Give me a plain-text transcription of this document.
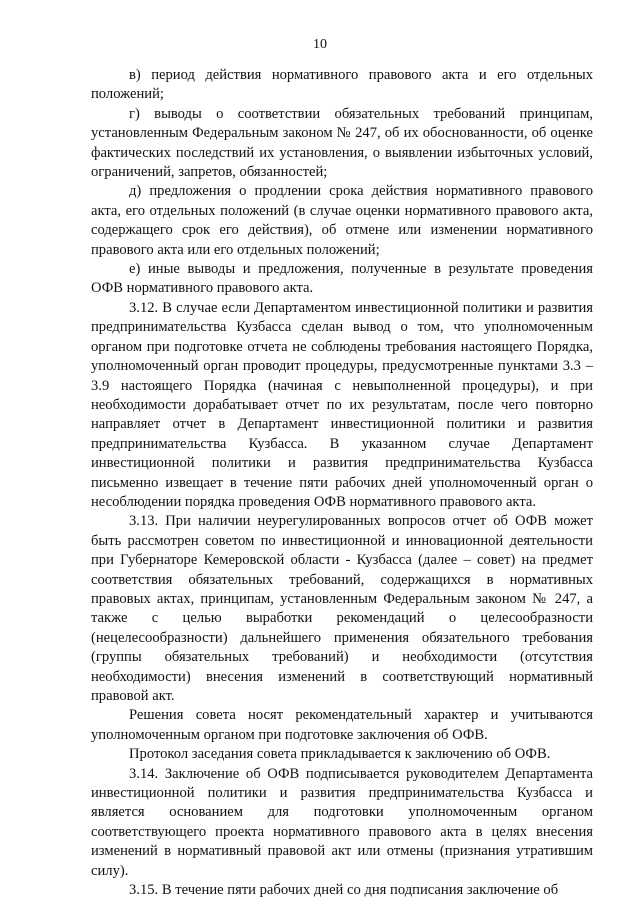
10

в) период действия нормативного правового акта и его отдельных положений;

г) выводы о соответствии обязательных требований принципам, установленным Федеральным законом № 247, об их обоснованности, об оценке фактических последствий их установления, о выявлении избыточных условий, ограничений, запретов, обязанностей;

д) предложения о продлении срока действия нормативного правового акта, его отдельных положений (в случае оценки нормативного правового акта, содержащего срок его действия), об отмене или изменении нормативного правового акта или его отдельных положений;

е) иные выводы и предложения, полученные в результате проведения ОФВ нормативного правового акта.

3.12. В случае если Департаментом инвестиционной политики и развития предпринимательства Кузбасса сделан вывод о том, что уполномоченным органом при подготовке отчета не соблюдены требования настоящего Порядка, уполномоченный орган проводит процедуры, предусмотренные пунктами 3.3 – 3.9 настоящего Порядка (начиная с невыполненной процедуры), и при необходимости дорабатывает отчет по их результатам, после чего повторно направляет отчет в Департамент инвестиционной политики и развития предпринимательства Кузбасса. В указанном случае Департамент инвестиционной политики и развития предпринимательства Кузбасса письменно извещает в течение пяти рабочих дней уполномоченный орган о несоблюдении порядка проведения ОФВ нормативного правового акта.

3.13. При наличии неурегулированных вопросов отчет об ОФВ может быть рассмотрен советом по инвестиционной и инновационной деятельности при Губернаторе Кемеровской области - Кузбасса (далее – совет) на предмет соответствия обязательных требований, содержащихся в нормативных правовых актах, принципам, установленным Федеральным законом № 247, а также с целью выработки рекомендаций о целесообразности (нецелесообразности) дальнейшего применения обязательного требования (группы обязательных требований) и необходимости (отсутствия необходимости) внесения изменений в соответствующий нормативный правовой акт.

Решения совета носят рекомендательный характер и учитываются уполномоченным органом при подготовке заключения об ОФВ.

Протокол заседания совета прикладывается к заключению об ОФВ.

3.14. Заключение об ОФВ подписывается руководителем Департамента инвестиционной политики и развития предпринимательства Кузбасса и является основанием для подготовки уполномоченным органом соответствующего проекта нормативного правового акта в целях внесения изменений в нормативный правовой акт или отмены (признания утратившим силу).

3.15. В течение пяти рабочих дней со дня подписания заключение об
